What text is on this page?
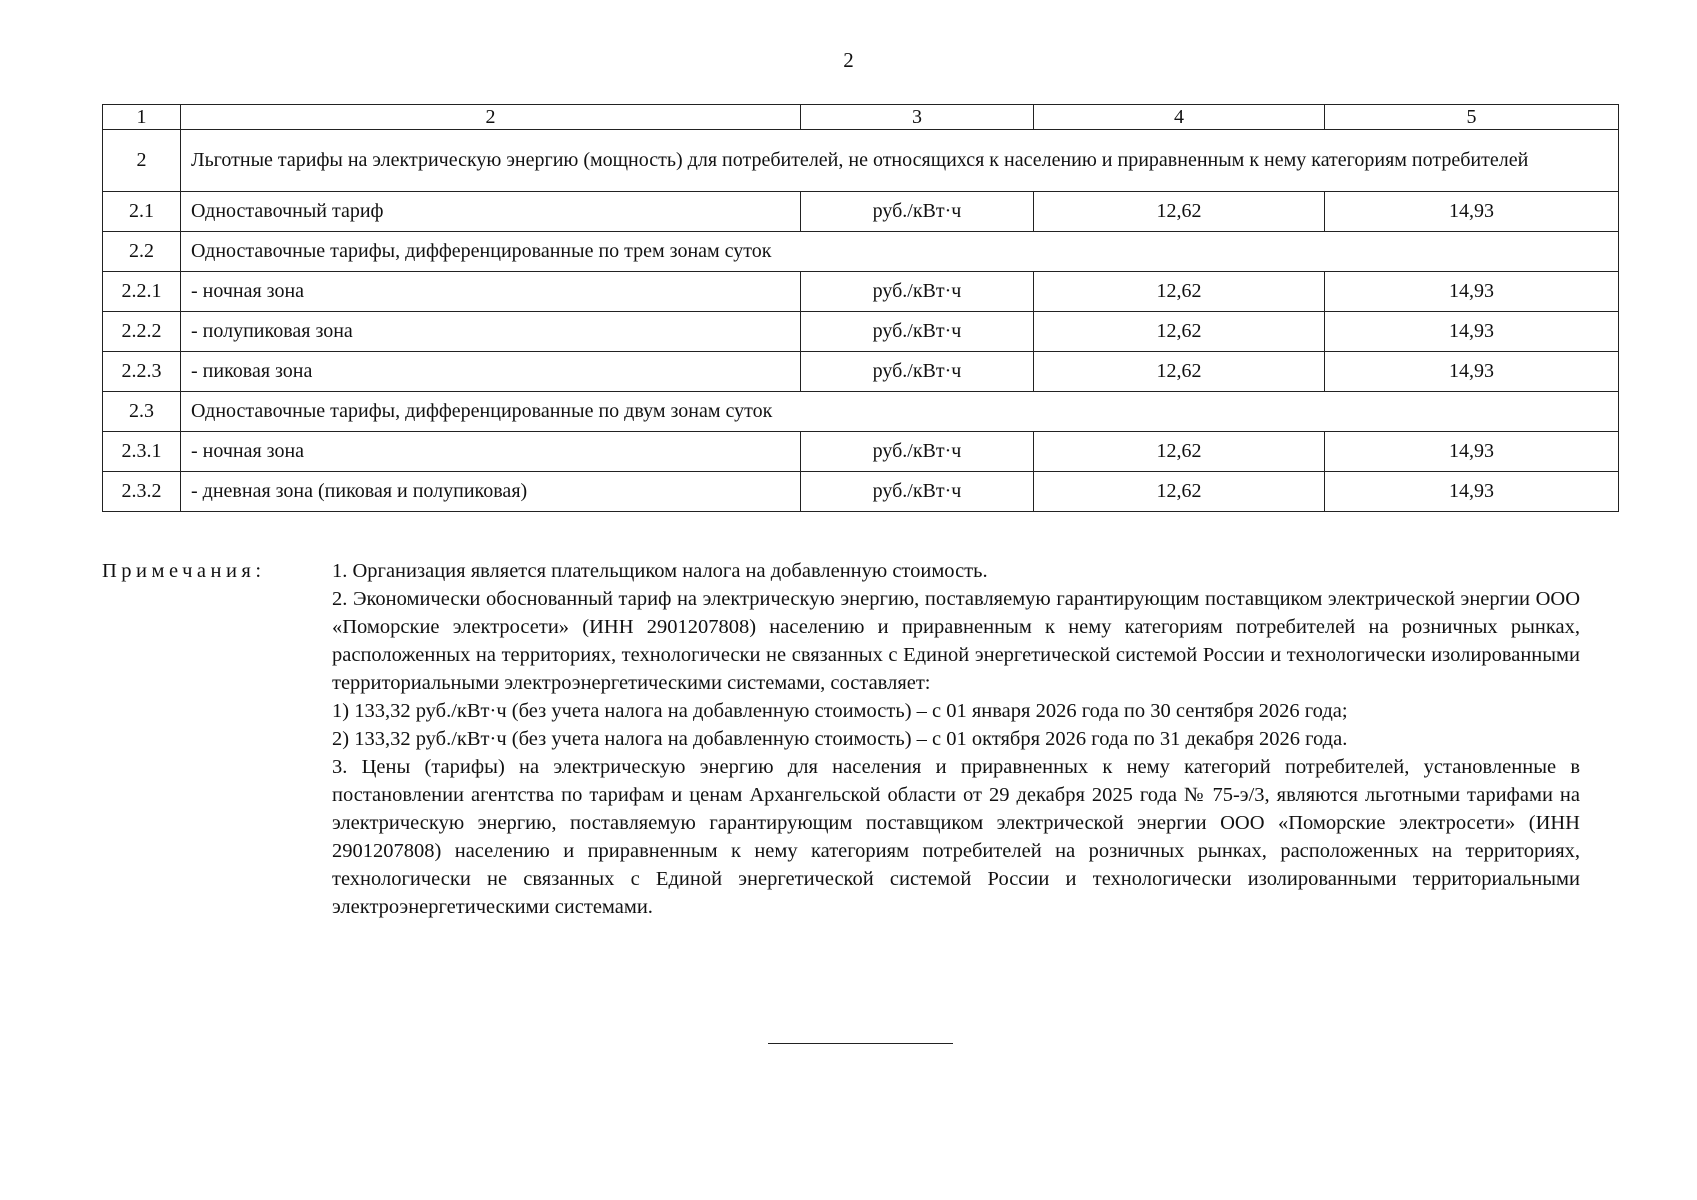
2
1	2	3	4	5
2	Льготные тарифы на электрическую энергию (мощность) для потребителей, не относящихся к населению и приравненным к нему категориям потребителей			
2.1	Одноставочный тариф	руб./кВт·ч	12,62	14,93
2.2	Одноставочные тарифы, дифференцированные по трем зонам суток			
2.2.1	- ночная зона	руб./кВт·ч	12,62	14,93
2.2.2	- полупиковая зона	руб./кВт·ч	12,62	14,93
2.2.3	- пиковая зона	руб./кВт·ч	12,62	14,93
2.3	Одноставочные тарифы, дифференцированные по двум зонам суток			
2.3.1	- ночная зона	руб./кВт·ч	12,62	14,93
2.3.2	- дневная зона (пиковая и полупиковая)	руб./кВт·ч	12,62	14,93
Примечания:	1. Организация является плательщиком налога на добавленную стоимость.

2. Экономически обоснованный тариф на электрическую энергию, поставляемую гарантирующим поставщиком электрической энергии ООО «Поморские электросети» (ИНН 2901207808) населению и приравненным к нему категориям потребителей на розничных рынках, расположенных на территориях, технологически не связанных с Единой энергетической системой России и технологически изолированными территориальными электроэнергетическими системами, составляет:

1) 133,32 руб./кВт·ч (без учета налога на добавленную стоимость) – с 01 января 2026 года по 30 сентября 2026 года;

2) 133,32 руб./кВт·ч (без учета налога на добавленную стоимость) – с 01 октября 2026 года по 31 декабря 2026 года.

3. Цены (тарифы) на электрическую энергию для населения и приравненных к нему категорий потребителей, установленные в постановлении агентства по тарифам и ценам Архангельской области от 29 декабря 2025 года № 75-э/3, являются льготными тарифами на электрическую энергию, поставляемую гарантирующим поставщиком электрической энергии ООО «Поморские электросети» (ИНН 2901207808) населению и приравненным к нему категориям потребителей на розничных рынках, расположенных на территориях, технологически не связанных с Единой энергетической системой России и технологически изолированными территориальными электроэнергетическими системами.
